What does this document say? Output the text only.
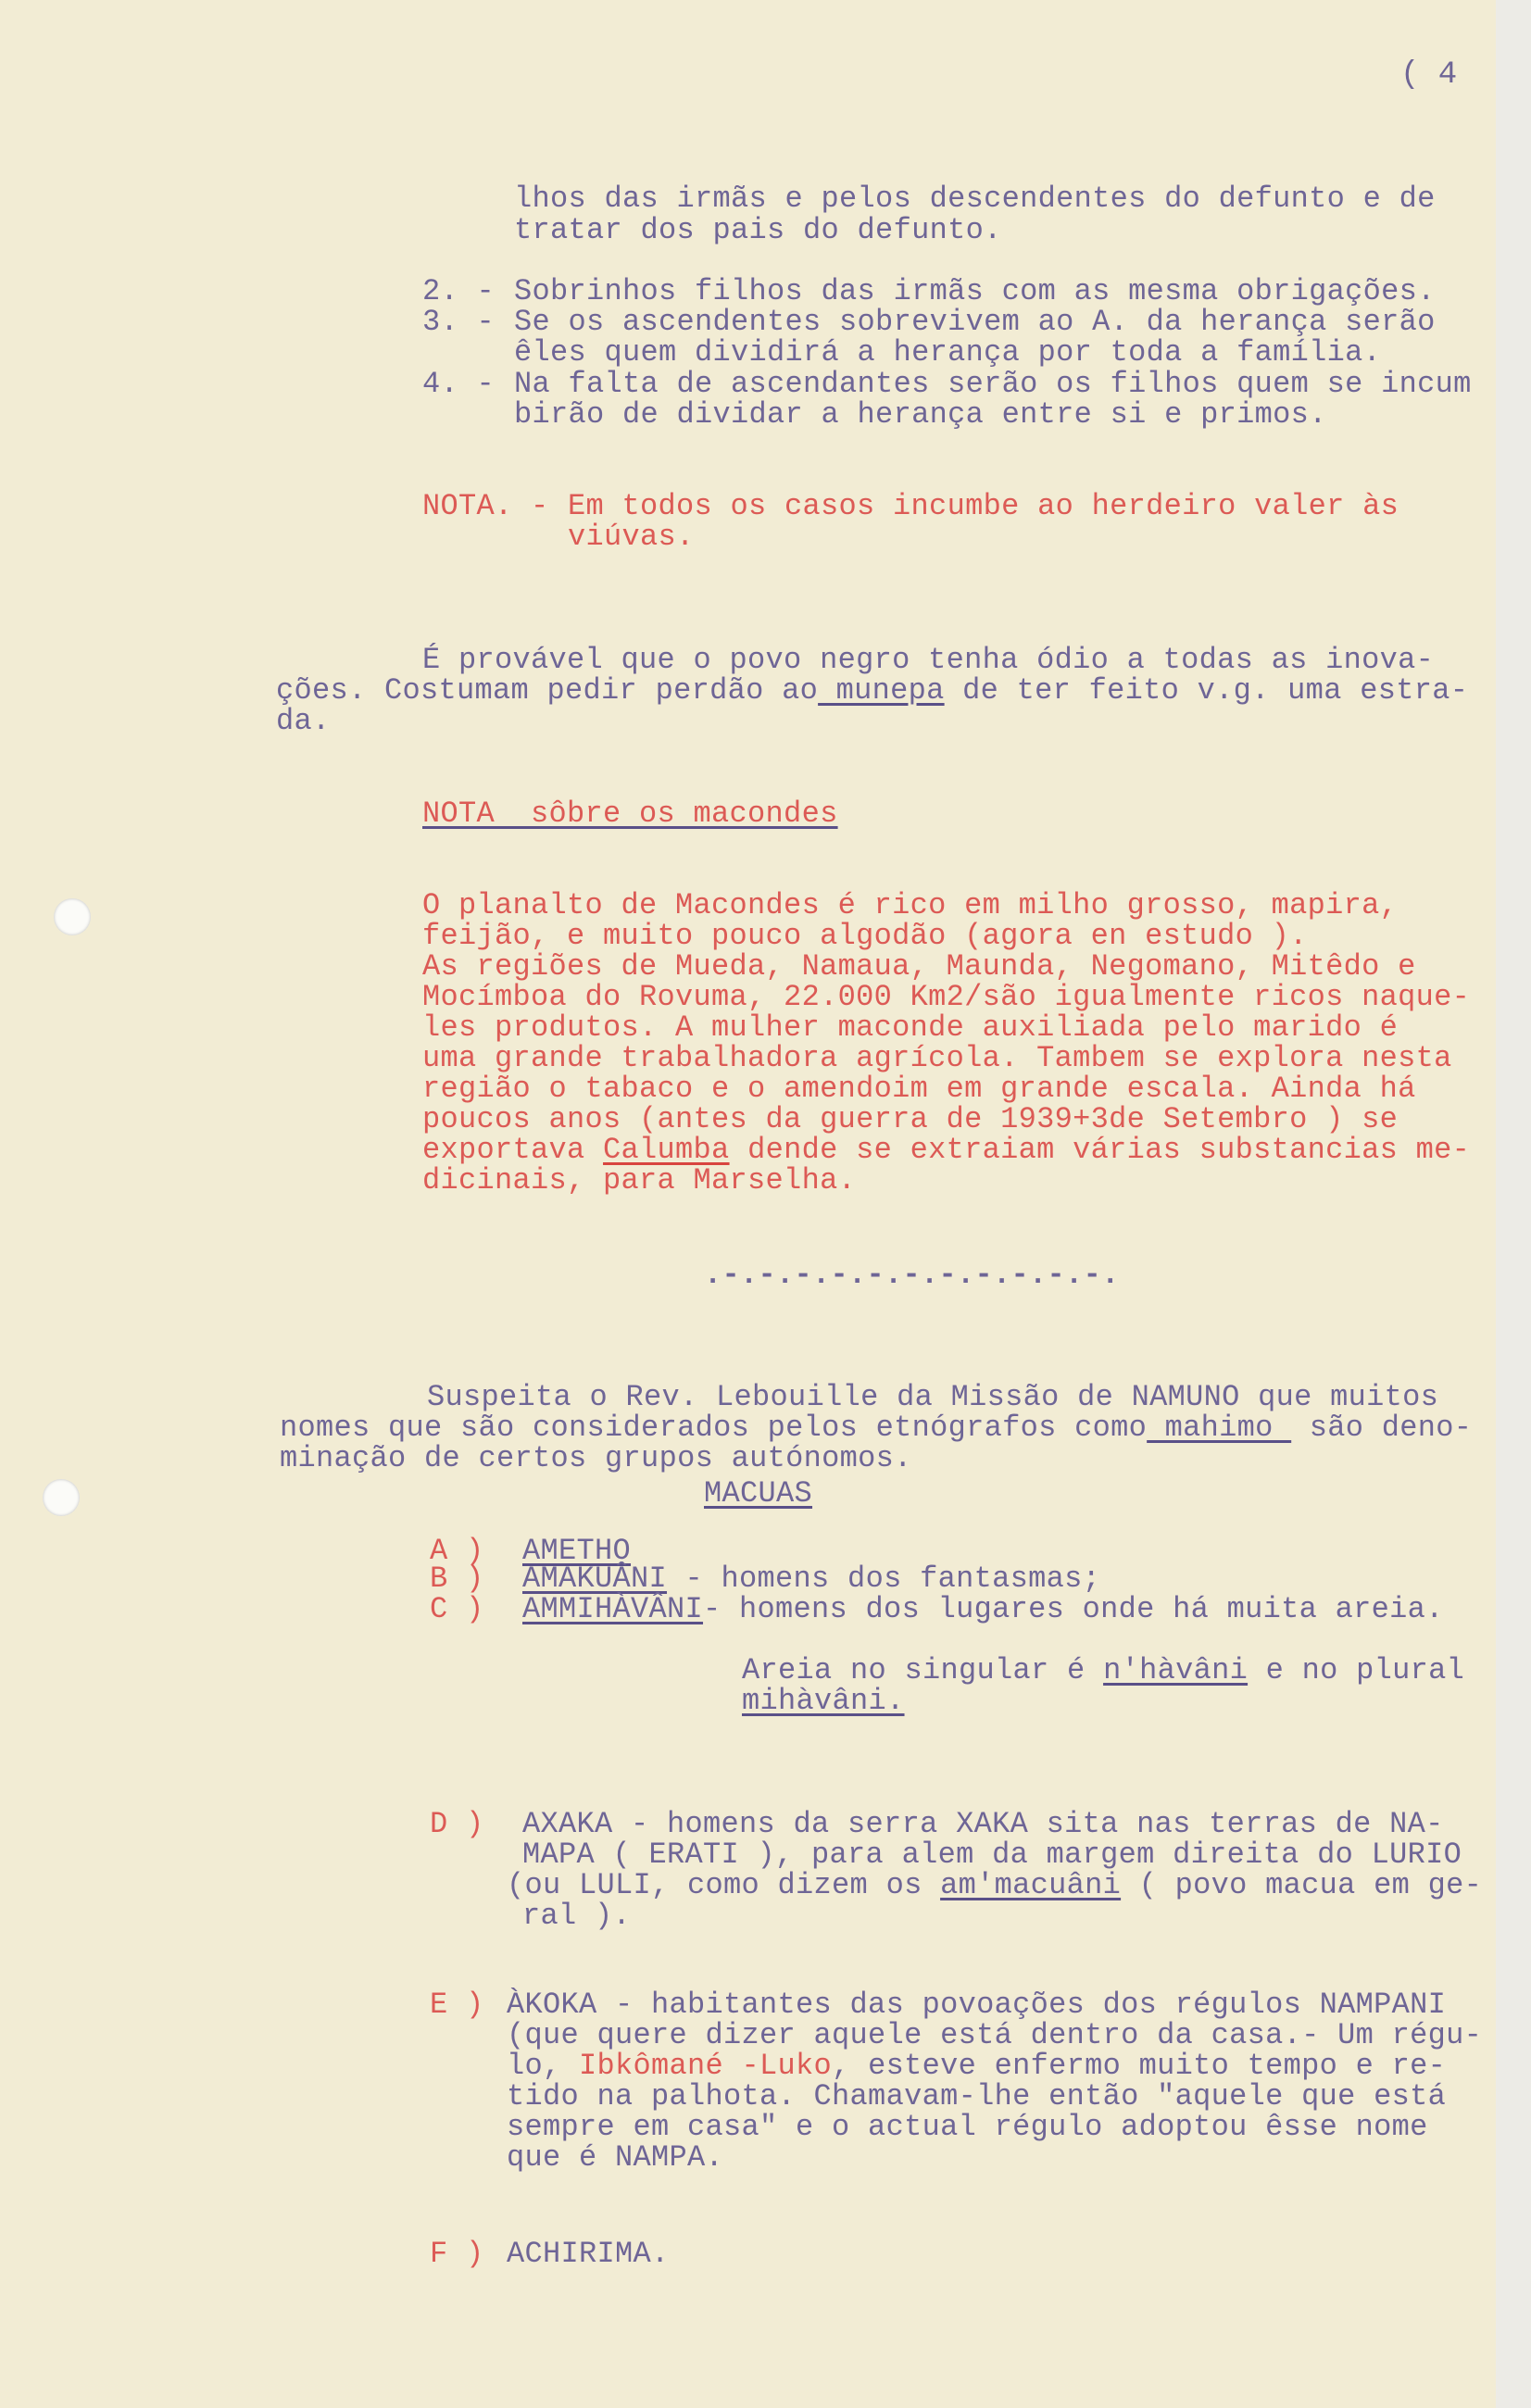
( 4
lhos das irmãs e pelos descendentes do defunto e de
tratar dos pais do defunto.
2. - Sobrinhos filhos das irmãs com as mesma obrigações.
3. - Se os ascendentes sobrevivem ao A. da herança serão
êles quem dividirá a herança por toda a família.
4. - Na falta de ascendantes serão os filhos quem se incum
birão de dividar a herança entre si e primos.
NOTA. - Em todos os casos incumbe ao herdeiro valer às
viúvas.
É provável que o povo negro tenha ódio a todas as inova-
ções. Costumam pedir perdão ao munepa de ter feito v.g. uma estra-
da.
NOTA  sôbre os macondes
O planalto de Macondes é rico em milho grosso, mapira,
feijão, e muito pouco algodão (agora en estudo ).
As regiões de Mueda, Namaua, Maunda, Negomano, Mitêdo e
Mocímboa do Rovuma, 22.000 Km2/são igualmente ricos naque-
les produtos. A mulher maconde auxiliada pelo marido é
uma grande trabalhadora agrícola. Tambem se explora nesta
região o tabaco e o amendoim em grande escala. Ainda há
poucos anos (antes da guerra de 1939+3de Setembro ) se
exportava Calumba dende se extraiam várias substancias me-
dicinais, para Marselha.
.-.-.-.-.-.-.-.-.-.-.-.
Suspeita o Rev. Lebouille da Missão de NAMUNO que muitos
nomes que são considerados pelos etnógrafos como mahimo  são deno-
minação de certos grupos autónomos.
MACUAS
A ) AMETHO
B ) AMAKUÂNI - homens dos fantasmas;
C ) AMMIHÀVÂNI- homens dos lugares onde há muita areia.
Areia no singular é n'hàvâni e no plural
mihàvâni.
D ) AXAKA - homens da serra XAKA sita nas terras de NA-
MAPA ( ERATI ), para alem da margem direita do LURIO
(ou LULI, como dizem os am'macuâni ( povo macua em ge-
ral ).
E ) ÀKOKA - habitantes das povoações dos régulos NAMPANI
(que quere dizer aquele está dentro da casa.- Um régu-
lo, Ibkômané -Luko, esteve enfermo muito tempo e re-
tido na palhota. Chamavam-lhe então "aquele que está
sempre em casa" e o actual régulo adoptou êsse nome
que é NAMPA.
F ) ACHIRIMA.
